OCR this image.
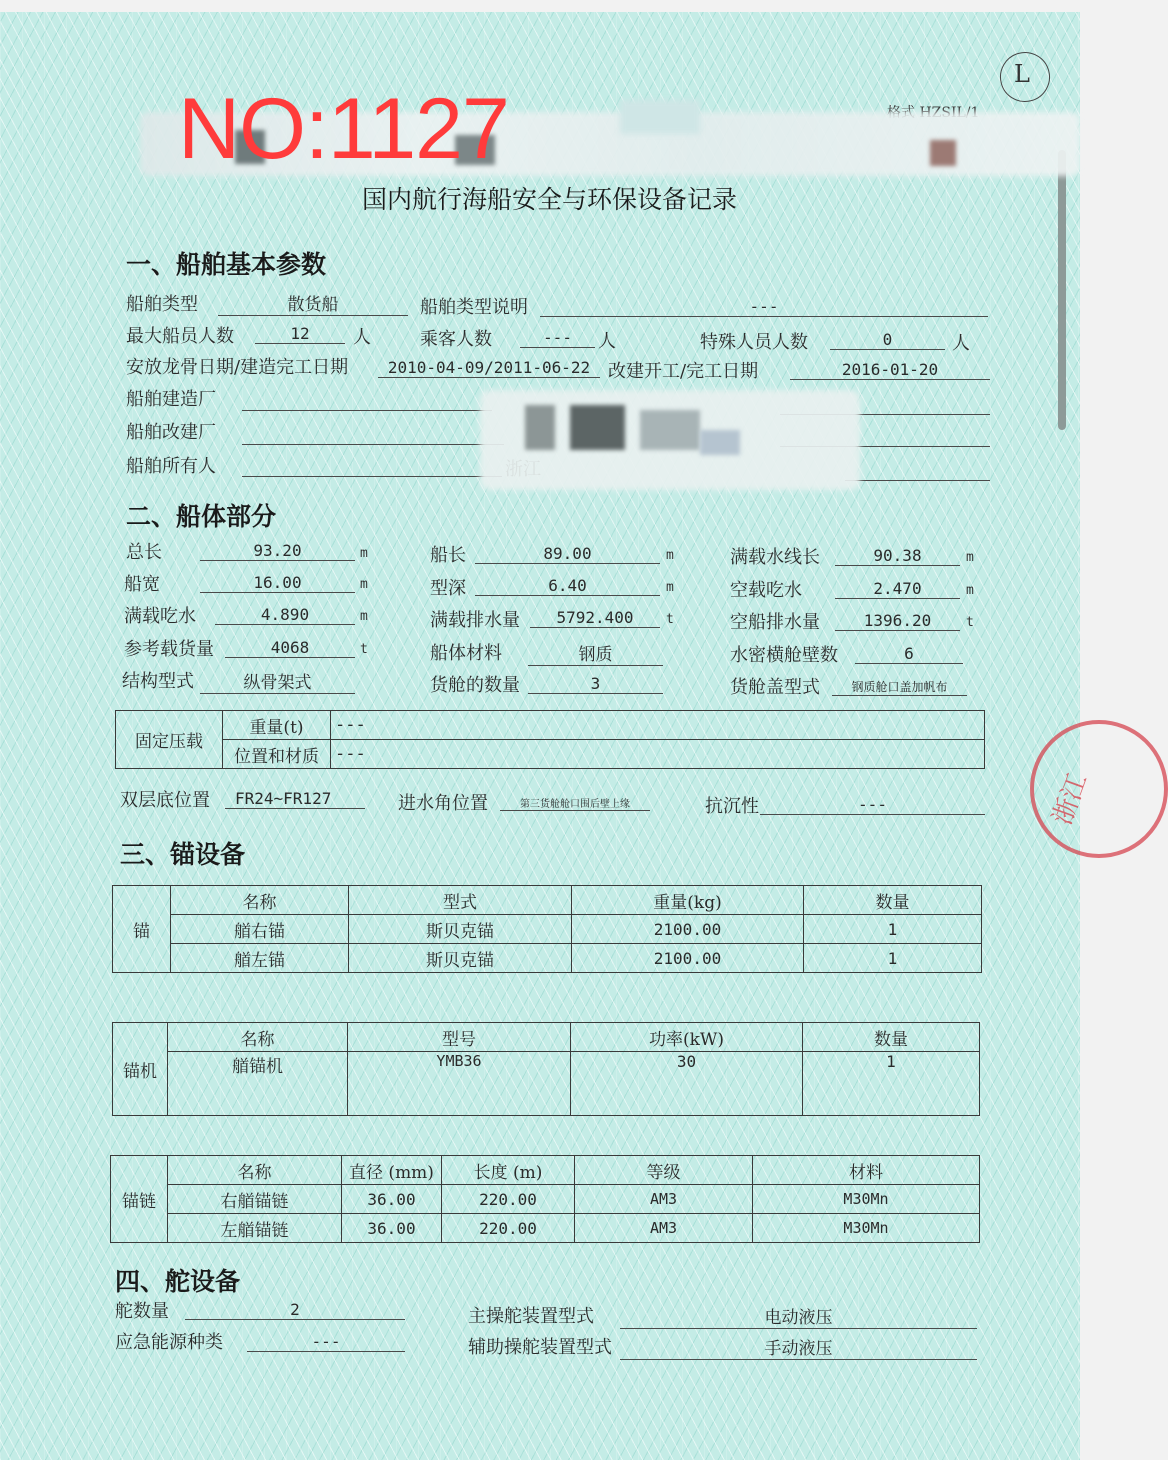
L
NO:1127
国内航行海船安全与环保设备记录
一、船舶基本参数
船舶类型	散货船	船舶类型说明	---
最大船员人数	12	人	乘客人数	---	人	特殊人员人数	0	人
安放龙骨日期/建造完工日期	2010-04-09/2011-06-22 改建开工/完工日期	2016-01-20
船舶建造厂
船舶改建厂
船舶所有人
二、船体部分
总长	93.20	m	船长	89.00	m	满载水线长	90.38	m
船宽	16.00	m	型深	6.40	m	空载吃水	2.470	m
满载吃水	4.890	m	满载排水量	5792.400	t	空船排水量	1396.20	t
参考载货量	4068	t	船体材料	钢质	水密横舱壁数	6
结构型式	纵骨架式	货舱的数量	3	货舱盖型式	钢质舱口盖加帆布
固定压载	重量(t)	---
	位置和材质	---
双层底位置	FR24~FR127	进水角位置	第三货舱舱口围后壁上缘	抗沉性	---
三、锚设备
锚	名称	型式	重量(kg)	数量
	艏右锚	斯贝克锚	2100.00	1
	艏左锚	斯贝克锚	2100.00	1
锚机	名称	型号	功率(kW)	数量
	艏锚机	YMB36	30	1
锚链	名称	直径 (mm)	长度 (m)	等级	材料
	右艏锚链	36.00	220.00	AM3	M30Mn
	左艏锚链	36.00	220.00	AM3	M30Mn
四、舵设备
舵数量	2	主操舵装置型式	电动液压
应急能源种类	---	辅助操舵装置型式	手动液压
浙江
